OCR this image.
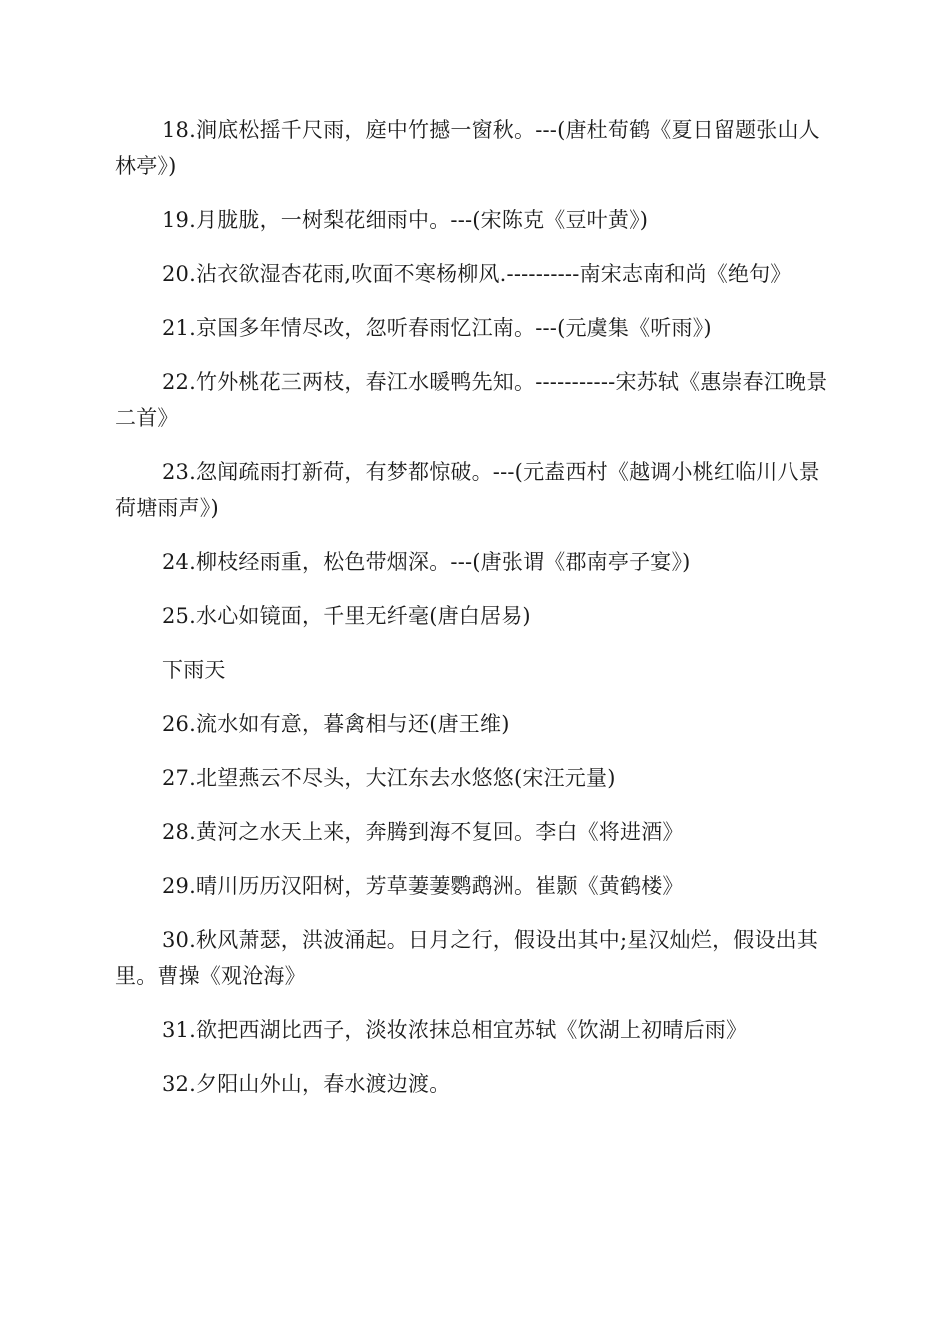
18.涧底松摇千尺雨，庭中竹撼一窗秋。---(唐杜荀鹤《夏日留题张山人林亭》)

19.月胧胧，一树梨花细雨中。---(宋陈克《豆叶黄》)

20.沾衣欲湿杏花雨,吹面不寒杨柳风.----------南宋志南和尚《绝句》

21.京国多年情尽改，忽听春雨忆江南。---(元虞集《听雨》)

22.竹外桃花三两枝，春江水暖鸭先知。-----------宋苏轼《惠崇春江晚景二首》

23.忽闻疏雨打新荷，有梦都惊破。---(元盍西村《越调小桃红临川八景荷塘雨声》)

24.柳枝经雨重，松色带烟深。---(唐张谓《郡南亭子宴》)

25.水心如镜面，千里无纤毫(唐白居易)

下雨天

26.流水如有意，暮禽相与还(唐王维)

27.北望燕云不尽头，大江东去水悠悠(宋汪元量)

28.黄河之水天上来，奔腾到海不复回。李白《将进酒》

29.晴川历历汉阳树，芳草萋萋鹦鹉洲。崔颢《黄鹤楼》

30.秋风萧瑟，洪波涌起。日月之行，假设出其中;星汉灿烂，假设出其里。曹操《观沧海》

31.欲把西湖比西子，淡妆浓抹总相宜苏轼《饮湖上初晴后雨》

32.夕阳山外山，春水渡边渡。
